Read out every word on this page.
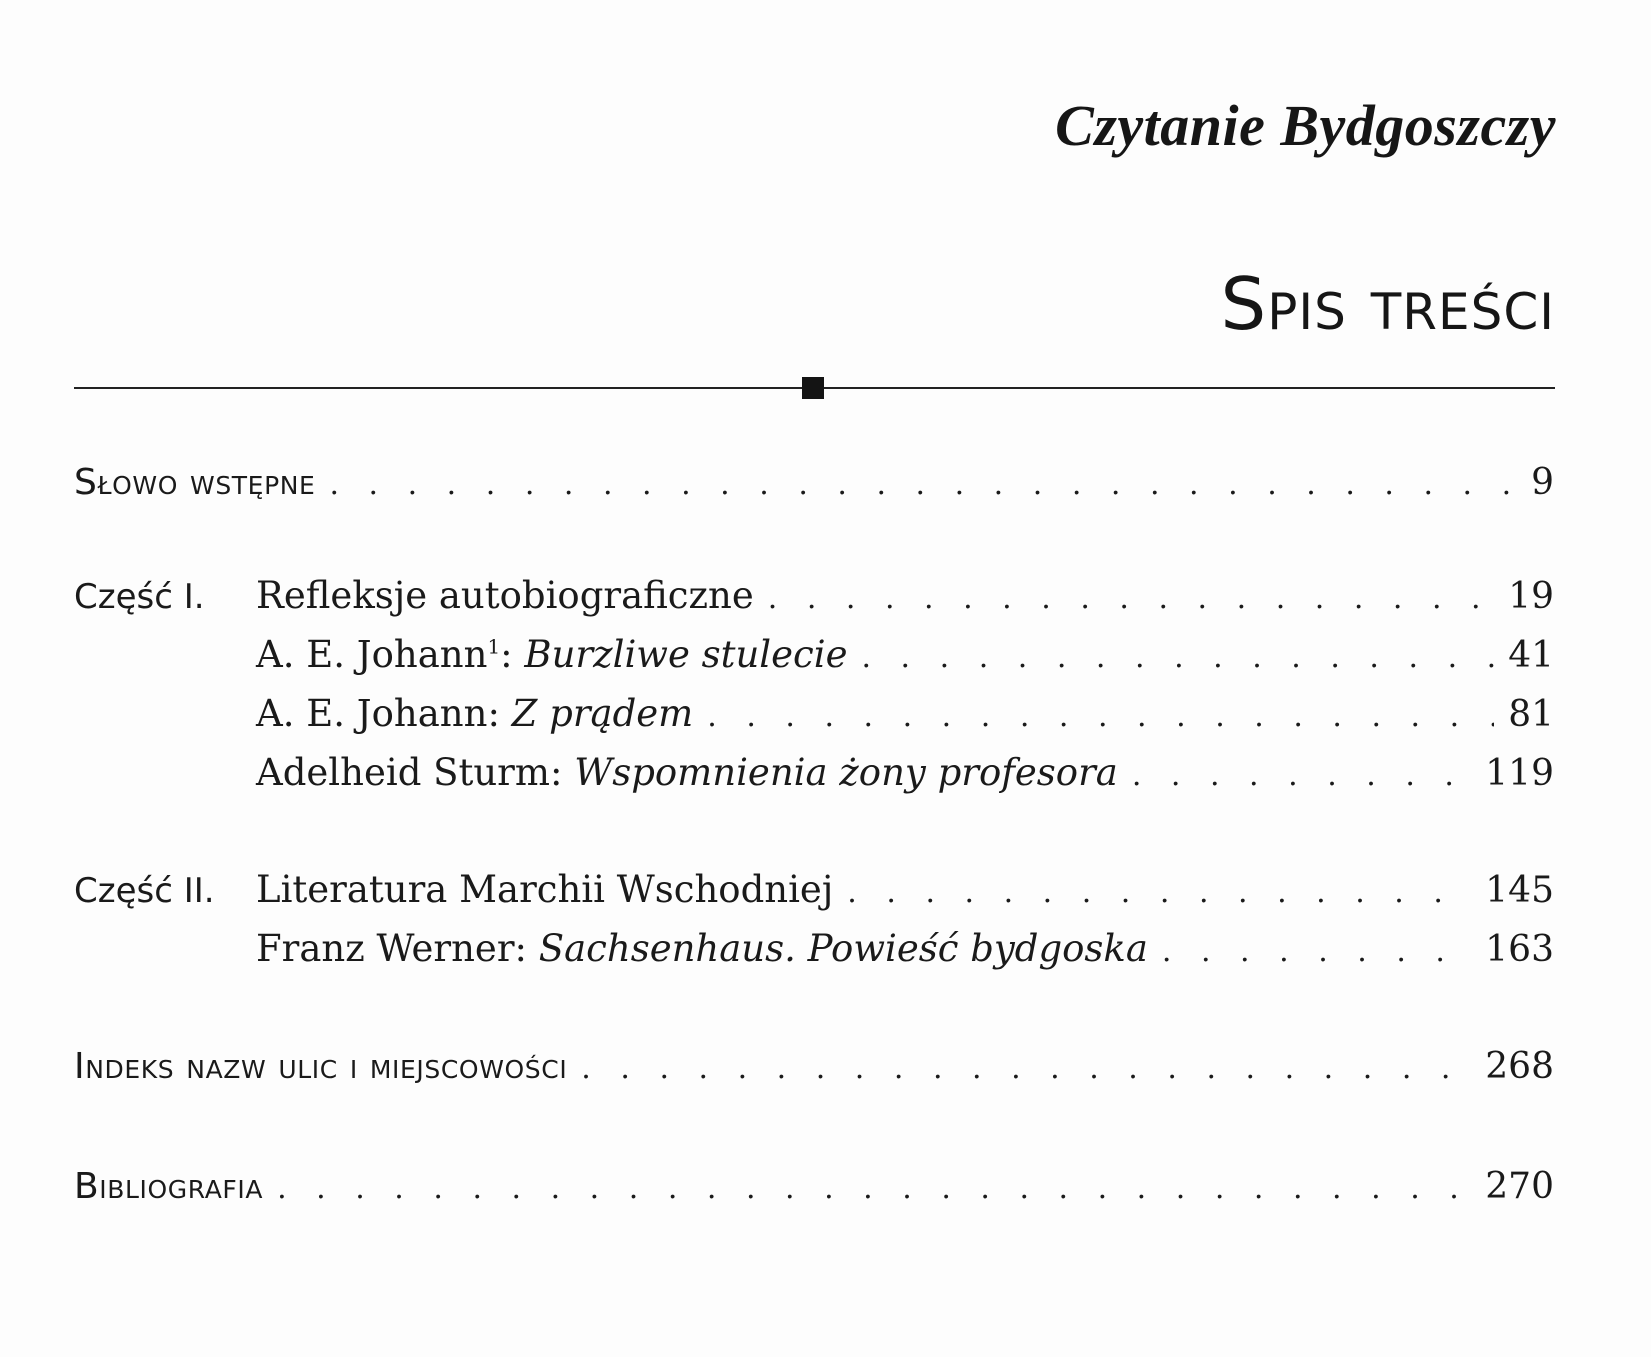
Czytanie Bydgoszczy
Spis treści
Słowo wstępne . . .	9
Część I.	Refleksje autobiograficzne . . .	19
A. E. Johann$^1$: Burzliwe stulecie . . .	41
A. E. Johann: Z prądem . . .	81
Adelheid Sturm: Wspomnienia żony profesora . . .	119
Część II.	Literatura Marchii Wschodniej . . .	145
Franz Werner: Sachsenhaus. Powieść bydgoska . . .	163
Indeks nazw ulic i miejscowości . . .	268
Bibliografia . . .	270
